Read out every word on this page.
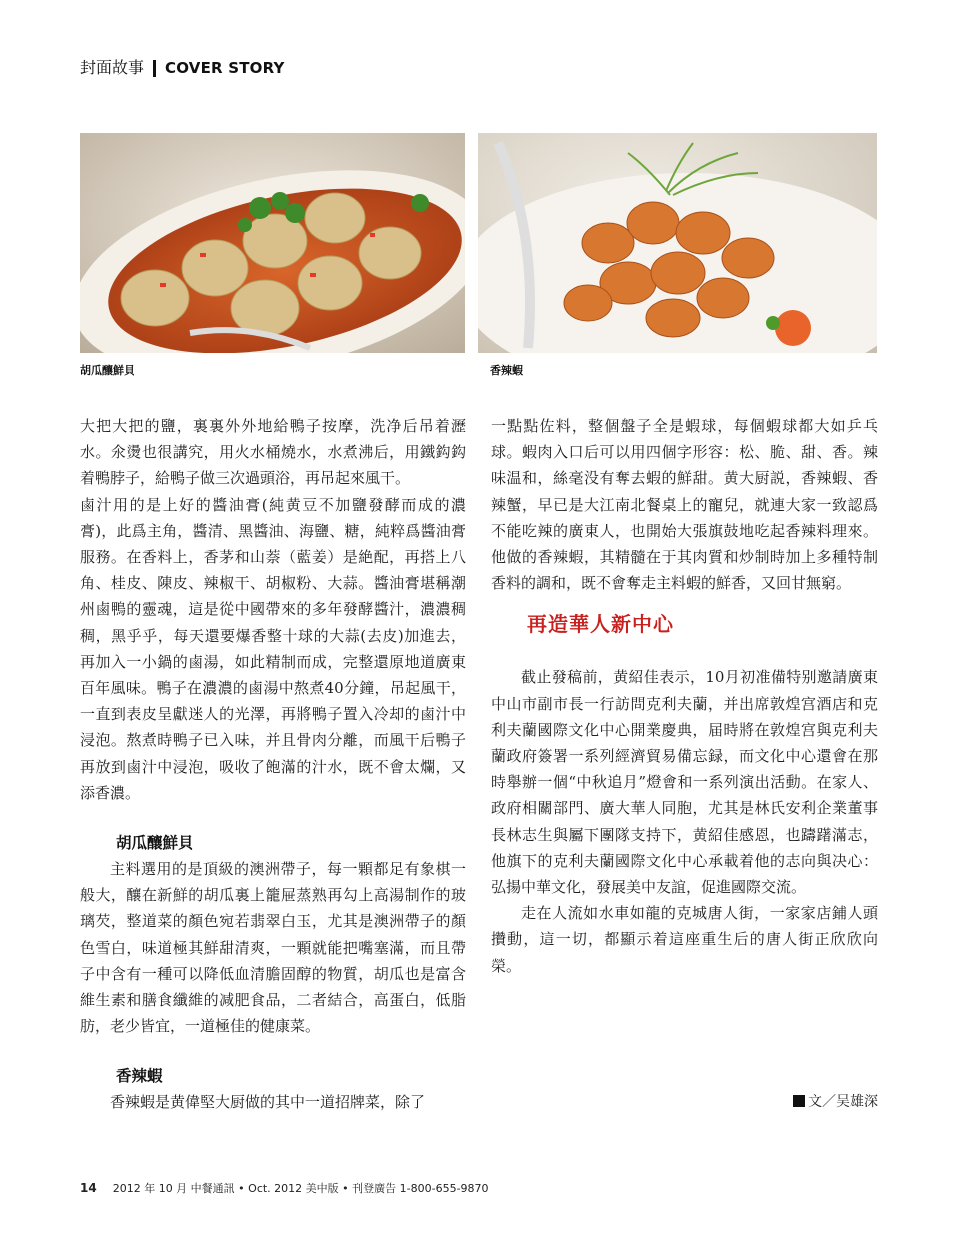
封面故事 COVER STORY
胡瓜釀鮮貝	香辣蝦

大把大把的鹽，裏裏外外地給鴨子按摩，洗净后吊着瀝水。氽燙也很講究，用火水桶燒水，水煮沸后，用鐵鈎鈎着鴨脖子，給鴨子做三次過頭浴，再吊起來風干。

鹵汁用的是上好的醬油膏(純黄豆不加鹽發酵而成的濃膏)，此爲主角，醬清、黑醬油、海鹽、糖，純粹爲醬油膏服務。在香料上，香茅和山萘（藍姜）是絶配，再搭上八角、桂皮、陳皮、辣椒干、胡椒粉、大蒜。醬油膏堪稱潮州鹵鴨的靈魂，這是從中國帶來的多年發酵醬汁，濃濃稠稠，黑乎乎，每天還要爆香整十球的大蒜(去皮)加進去，再加入一小鍋的鹵湯，如此精制而成，完整還原地道廣東百年風味。鴨子在濃濃的鹵湯中熬煮40分鐘，吊起風干，一直到表皮呈獻迷人的光澤，再將鴨子置入冷却的鹵汁中浸泡。熬煮時鴨子已入味，并且骨肉分離，而風干后鴨子再放到鹵汁中浸泡，吸收了飽滿的汁水，既不會太爛，又添香濃。

胡瓜釀鮮貝

主料選用的是頂級的澳洲帶子，每一顆都足有象棋一般大，釀在新鮮的胡瓜裏上籠屉蒸熟再勾上高湯制作的玻璃芡，整道菜的顏色宛若翡翠白玉，尤其是澳洲帶子的顏色雪白，味道極其鮮甜清爽，一顆就能把嘴塞滿，而且帶子中含有一種可以降低血清膽固醇的物質，胡瓜也是富含維生素和膳食纖維的减肥食品，二者結合，高蛋白，低脂肪，老少皆宜，一道極佳的健康菜。

香辣蝦

香辣蝦是黄偉堅大厨做的其中一道招牌菜，除了

一點點佐料，整個盤子全是蝦球，每個蝦球都大如乒乓球。蝦肉入口后可以用四個字形容：松、脆、甜、香。辣味温和，絲毫没有奪去蝦的鮮甜。黄大厨説，香辣蝦、香辣蟹，早已是大江南北餐桌上的寵兒，就連大家一致認爲不能吃辣的廣東人，也開始大張旗鼓地吃起香辣料理來。他做的香辣蝦，其精髓在于其肉質和炒制時加上多種特制香料的調和，既不會奪走主料蝦的鮮香，又回甘無窮。

再造華人新中心

截止發稿前，黄紹佳表示，10月初准備特别邀請廣東中山市副市長一行訪問克利夫蘭，并出席敦煌宫酒店和克利夫蘭國際文化中心開業慶典，届時將在敦煌宫與克利夫蘭政府簽署一系列經濟貿易備忘録，而文化中心還會在那時舉辦一個“中秋追月”燈會和一系列演出活動。在家人、政府相關部門、廣大華人同胞，尤其是林氏安利企業董事長林志生與屬下團隊支持下，黄紹佳感恩，也躊躇滿志，他旗下的克利夫蘭國際文化中心承載着他的志向與决心：弘揚中華文化，發展美中友誼，促進國際交流。

走在人流如水車如龍的克城唐人街，一家家店鋪人頭攢動，這一切，都顯示着這座重生后的唐人街正欣欣向榮。

文／吴雄深
14 2012 年 10 月 中餐通訊 • Oct. 2012 美中版 • 刊登廣告 1-800-655-9870
